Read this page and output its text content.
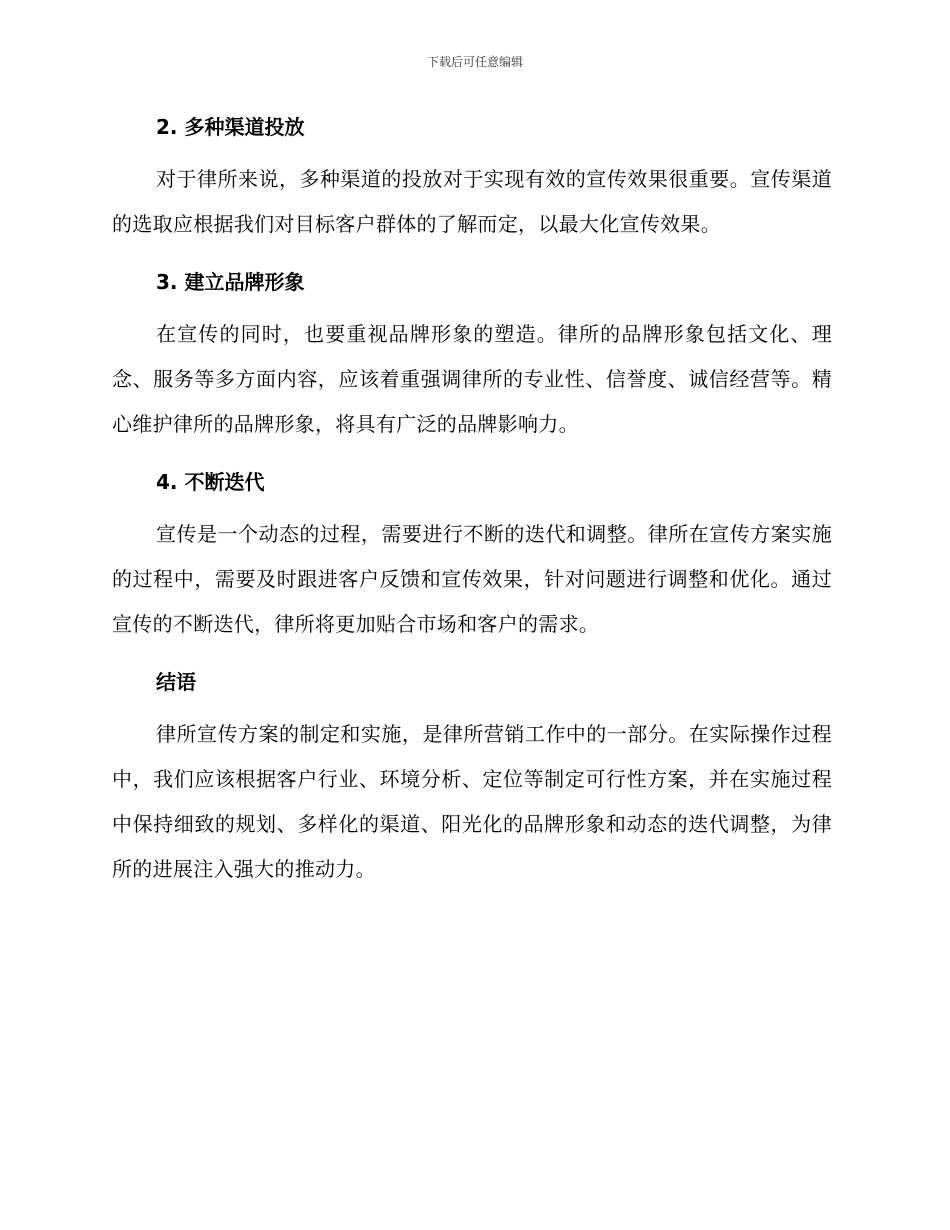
下载后可任意编辑
2. 多种渠道投放

对于律所来说，多种渠道的投放对于实现有效的宣传效果很重要。宣传渠道的选取应根据我们对目标客户群体的了解而定，以最大化宣传效果。

3. 建立品牌形象

在宣传的同时，也要重视品牌形象的塑造。律所的品牌形象包括文化、理念、服务等多方面内容，应该着重强调律所的专业性、信誉度、诚信经营等。精心维护律所的品牌形象，将具有广泛的品牌影响力。

4. 不断迭代

宣传是一个动态的过程，需要进行不断的迭代和调整。律所在宣传方案实施的过程中，需要及时跟进客户反馈和宣传效果，针对问题进行调整和优化。通过宣传的不断迭代，律所将更加贴合市场和客户的需求。

结语

律所宣传方案的制定和实施，是律所营销工作中的一部分。在实际操作过程中，我们应该根据客户行业、环境分析、定位等制定可行性方案，并在实施过程中保持细致的规划、多样化的渠道、阳光化的品牌形象和动态的迭代调整，为律所的进展注入强大的推动力。
